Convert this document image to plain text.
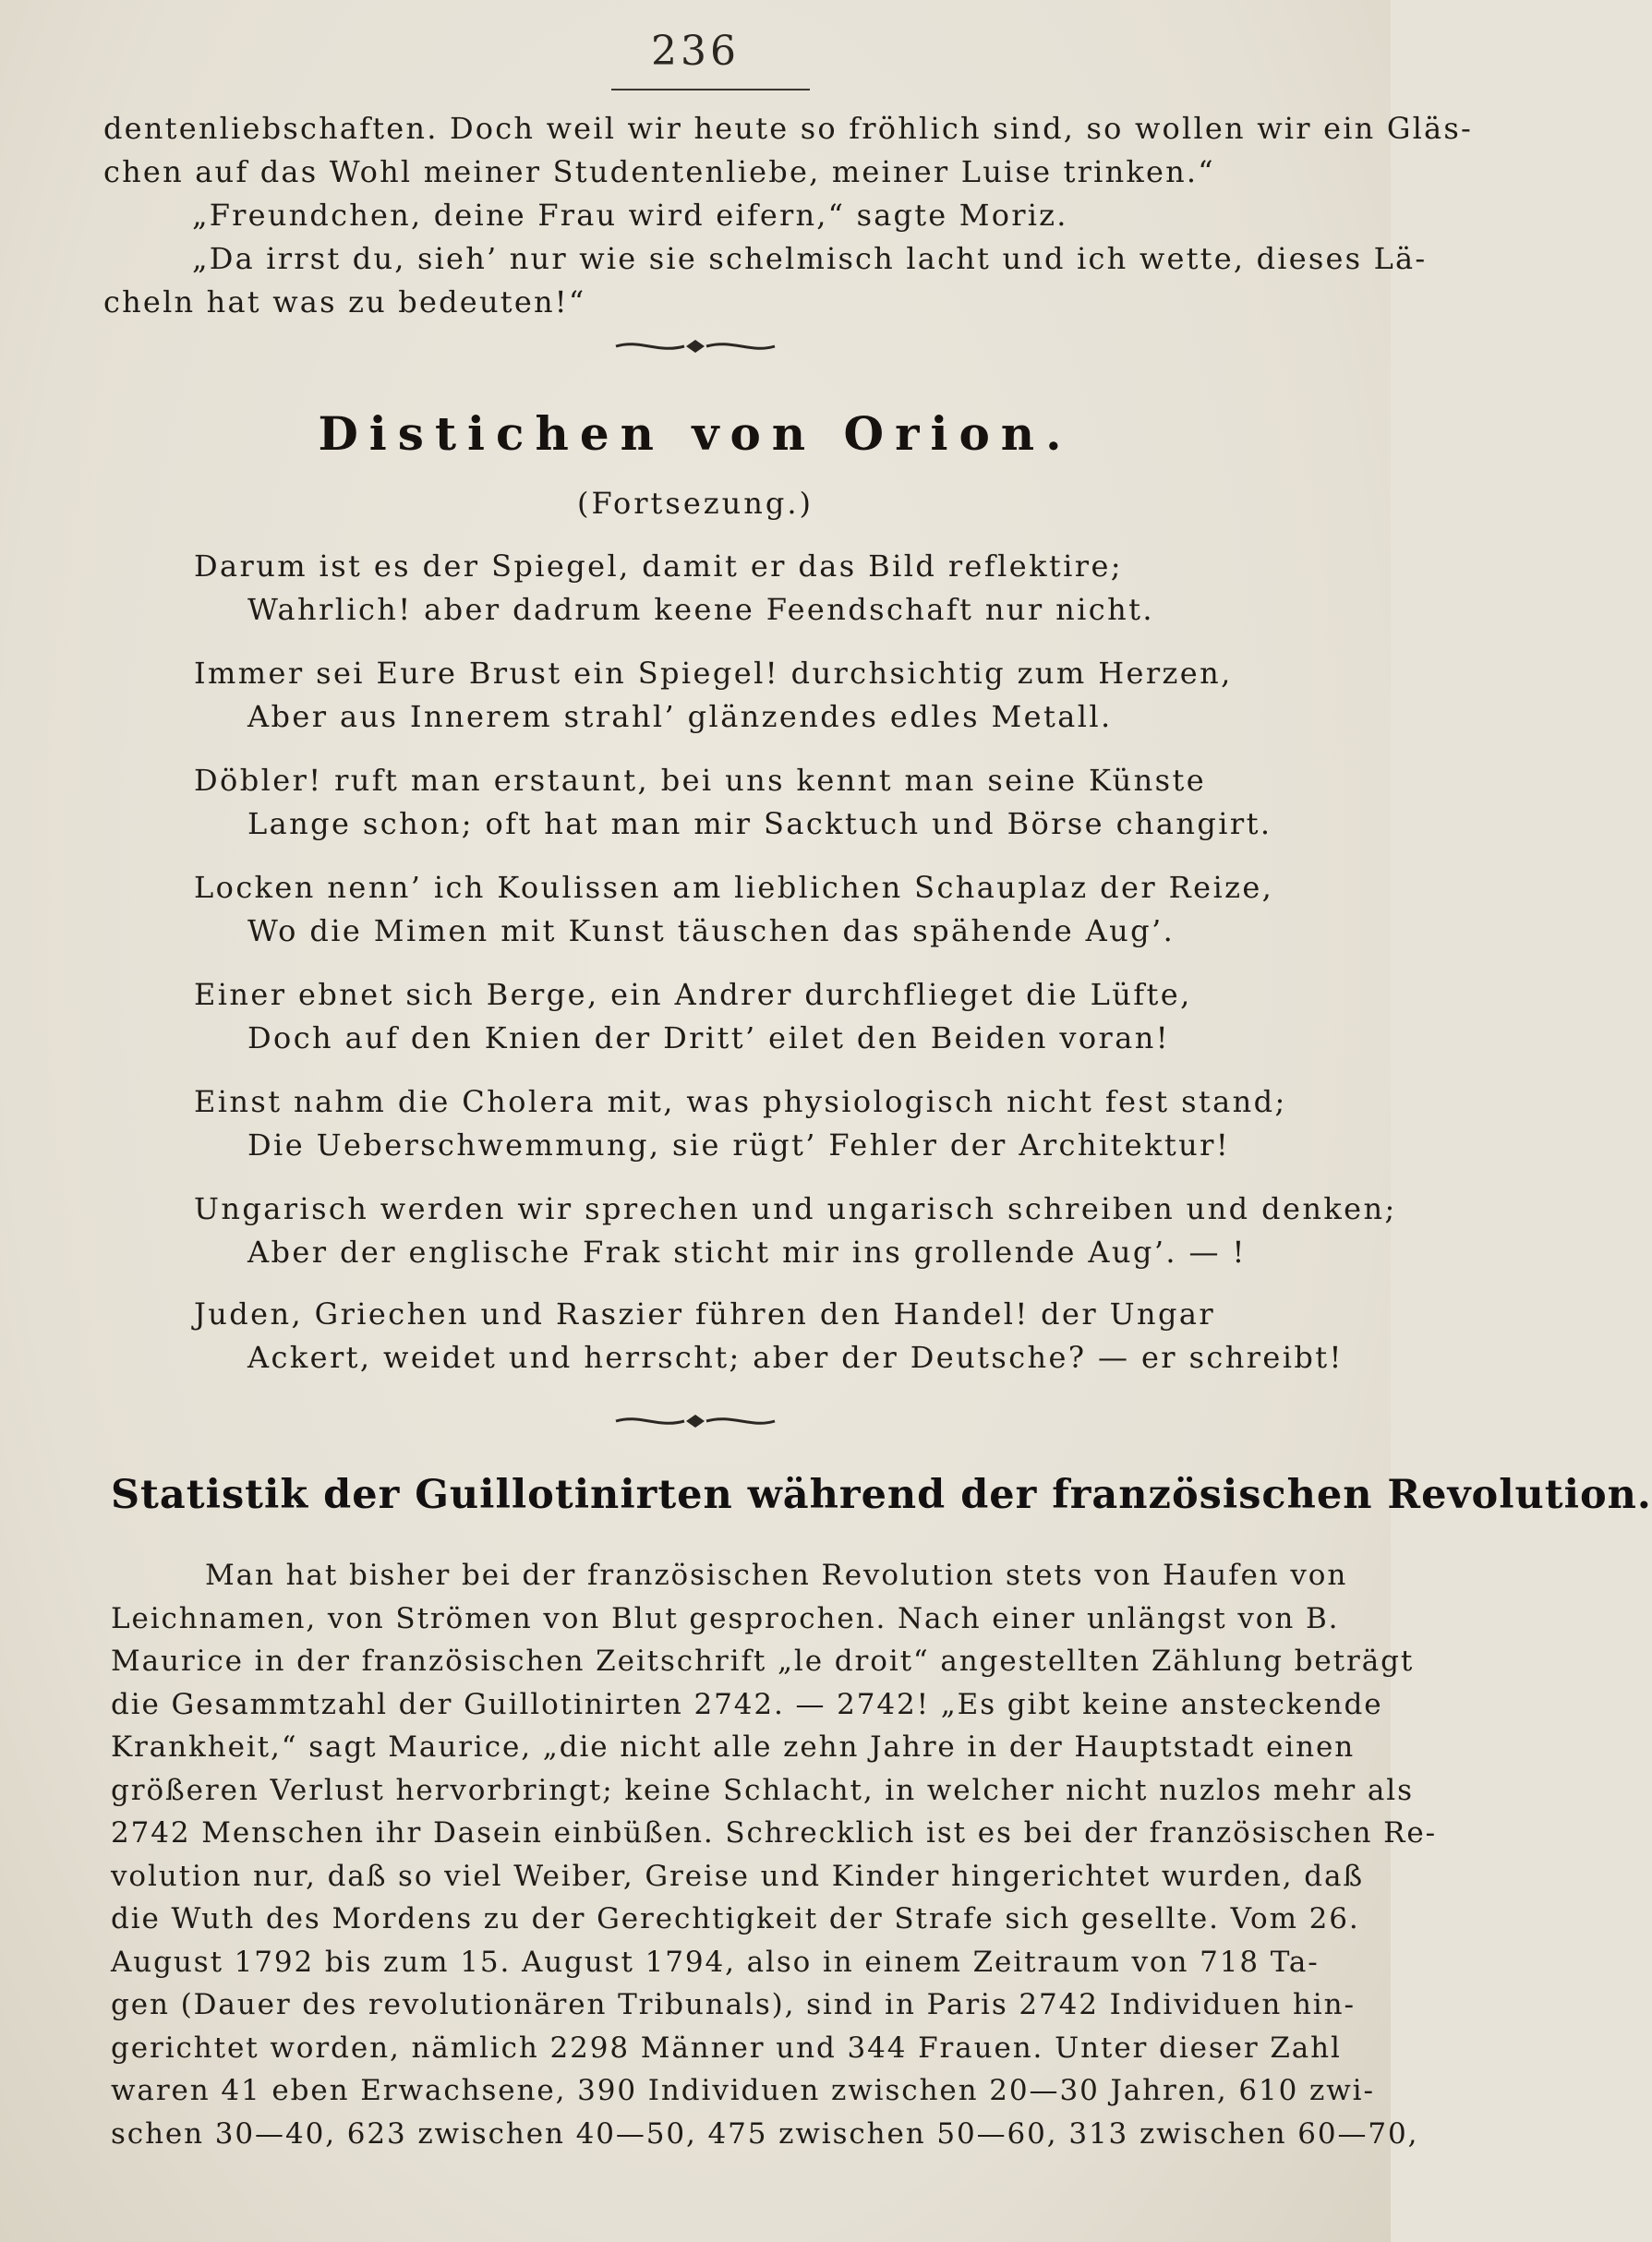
236
dentenliebschaften. Doch weil wir heute so fröhlich sind, so wollen wir ein Gläs-
chen auf das Wohl meiner Studentenliebe, meiner Luise trinken.“
„Freundchen, deine Frau wird eifern,“ sagte Moriz.
„Da irrst du, sieh’ nur wie sie schelmisch lacht und ich wette, dieses Lä-
cheln hat was zu bedeuten!“
Distichen von Orion.
(Fortsezung.)
Darum ist es der Spiegel, damit er das Bild reflektire;
Wahrlich! aber dadrum keene Feendschaft nur nicht.
Immer sei Eure Brust ein Spiegel! durchsichtig zum Herzen,
Aber aus Innerem strahl’ glänzendes edles Metall.
Döbler! ruft man erstaunt, bei uns kennt man seine Künste
Lange schon; oft hat man mir Sacktuch und Börse changirt.
Locken nenn’ ich Koulissen am lieblichen Schauplaz der Reize,
Wo die Mimen mit Kunst täuschen das spähende Aug’.
Einer ebnet sich Berge, ein Andrer durchflieget die Lüfte,
Doch auf den Knien der Dritt’ eilet den Beiden voran!
Einst nahm die Cholera mit, was physiologisch nicht fest stand;
Die Ueberschwemmung, sie rügt’ Fehler der Architektur!
Ungarisch werden wir sprechen und ungarisch schreiben und denken;
Aber der englische Frak sticht mir ins grollende Aug’. — !
Juden, Griechen und Raszier führen den Handel! der Ungar
Ackert, weidet und herrscht; aber der Deutsche? — er schreibt!
Statistik der Guillotinirten während der französischen Revolution.
Man hat bisher bei der französischen Revolution stets von Haufen von
Leichnamen, von Strömen von Blut gesprochen. Nach einer unlängst von B.
Maurice in der französischen Zeitschrift „le droit“ angestellten Zählung beträgt
die Gesammtzahl der Guillotinirten 2742. — 2742! „Es gibt keine ansteckende
Krankheit,“ sagt Maurice, „die nicht alle zehn Jahre in der Hauptstadt einen
größeren Verlust hervorbringt; keine Schlacht, in welcher nicht nuzlos mehr als
2742 Menschen ihr Dasein einbüßen. Schrecklich ist es bei der französischen Re-
volution nur, daß so viel Weiber, Greise und Kinder hingerichtet wurden, daß
die Wuth des Mordens zu der Gerechtigkeit der Strafe sich gesellte. Vom 26.
August 1792 bis zum 15. August 1794, also in einem Zeitraum von 718 Ta-
gen (Dauer des revolutionären Tribunals), sind in Paris 2742 Individuen hin-
gerichtet worden, nämlich 2298 Männer und 344 Frauen. Unter dieser Zahl
waren 41 eben Erwachsene, 390 Individuen zwischen 20—30 Jahren, 610 zwi-
schen 30—40, 623 zwischen 40—50, 475 zwischen 50—60, 313 zwischen 60—70,
